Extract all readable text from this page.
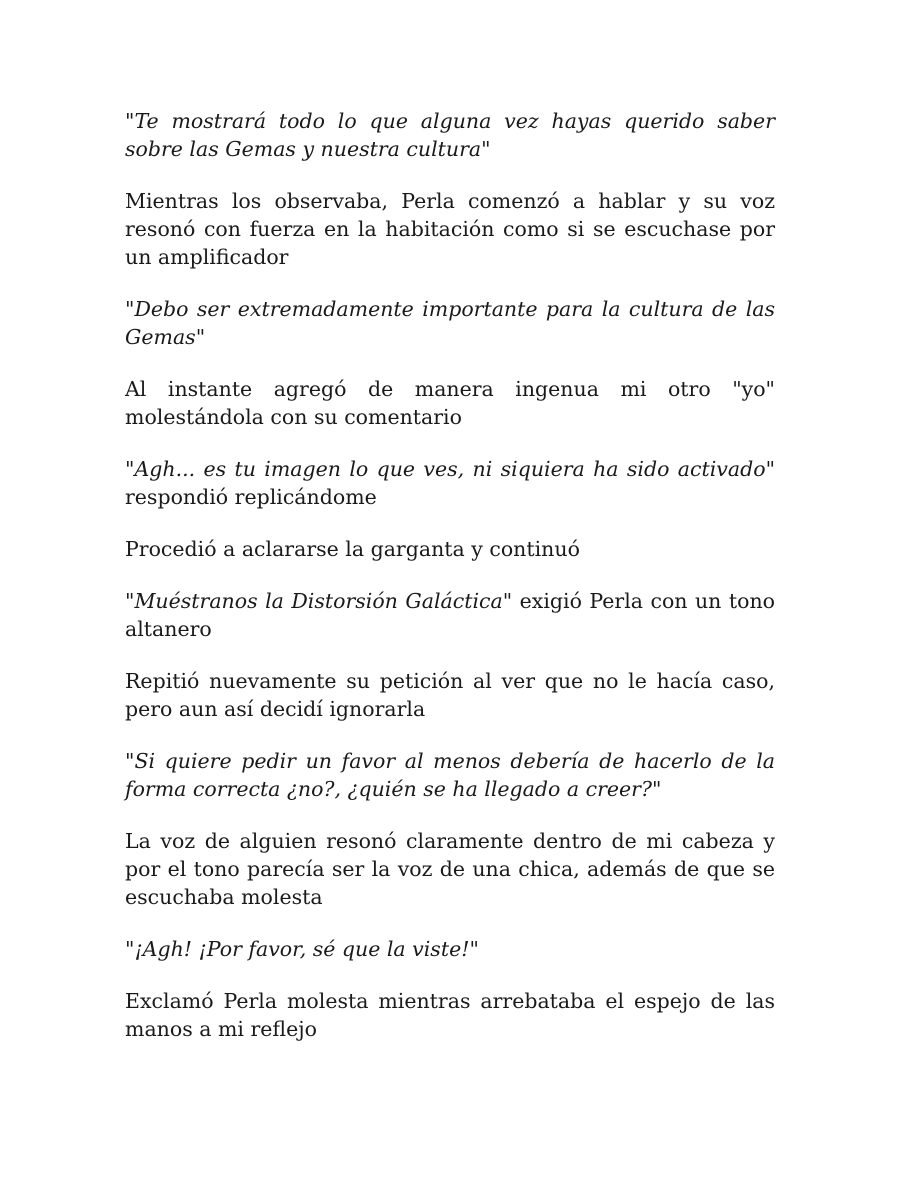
"Te mostrará todo lo que alguna vez hayas querido saber sobre las Gemas y nuestra cultura"

Mientras los observaba, Perla comenzó a hablar y su voz resonó con fuerza en la habitación como si se escuchase por un amplificador

"Debo ser extremadamente importante para la cultura de las Gemas"

Al instante agregó de manera ingenua mi otro "yo" molestándola con su comentario

"Agh... es tu imagen lo que ves, ni siquiera ha sido activado" respondió replicándome

Procedió a aclararse la garganta y continuó

"Muéstranos la Distorsión Galáctica" exigió Perla con un tono altanero

Repitió nuevamente su petición al ver que no le hacía caso, pero aun así decidí ignorarla

"Si quiere pedir un favor al menos debería de hacerlo de la forma correcta ¿no?, ¿quién se ha llegado a creer?"

La voz de alguien resonó claramente dentro de mi cabeza y por el tono parecía ser la voz de una chica, además de que se escuchaba molesta

"¡Agh! ¡Por favor, sé que la viste!"

Exclamó Perla molesta mientras arrebataba el espejo de las manos a mi reflejo
